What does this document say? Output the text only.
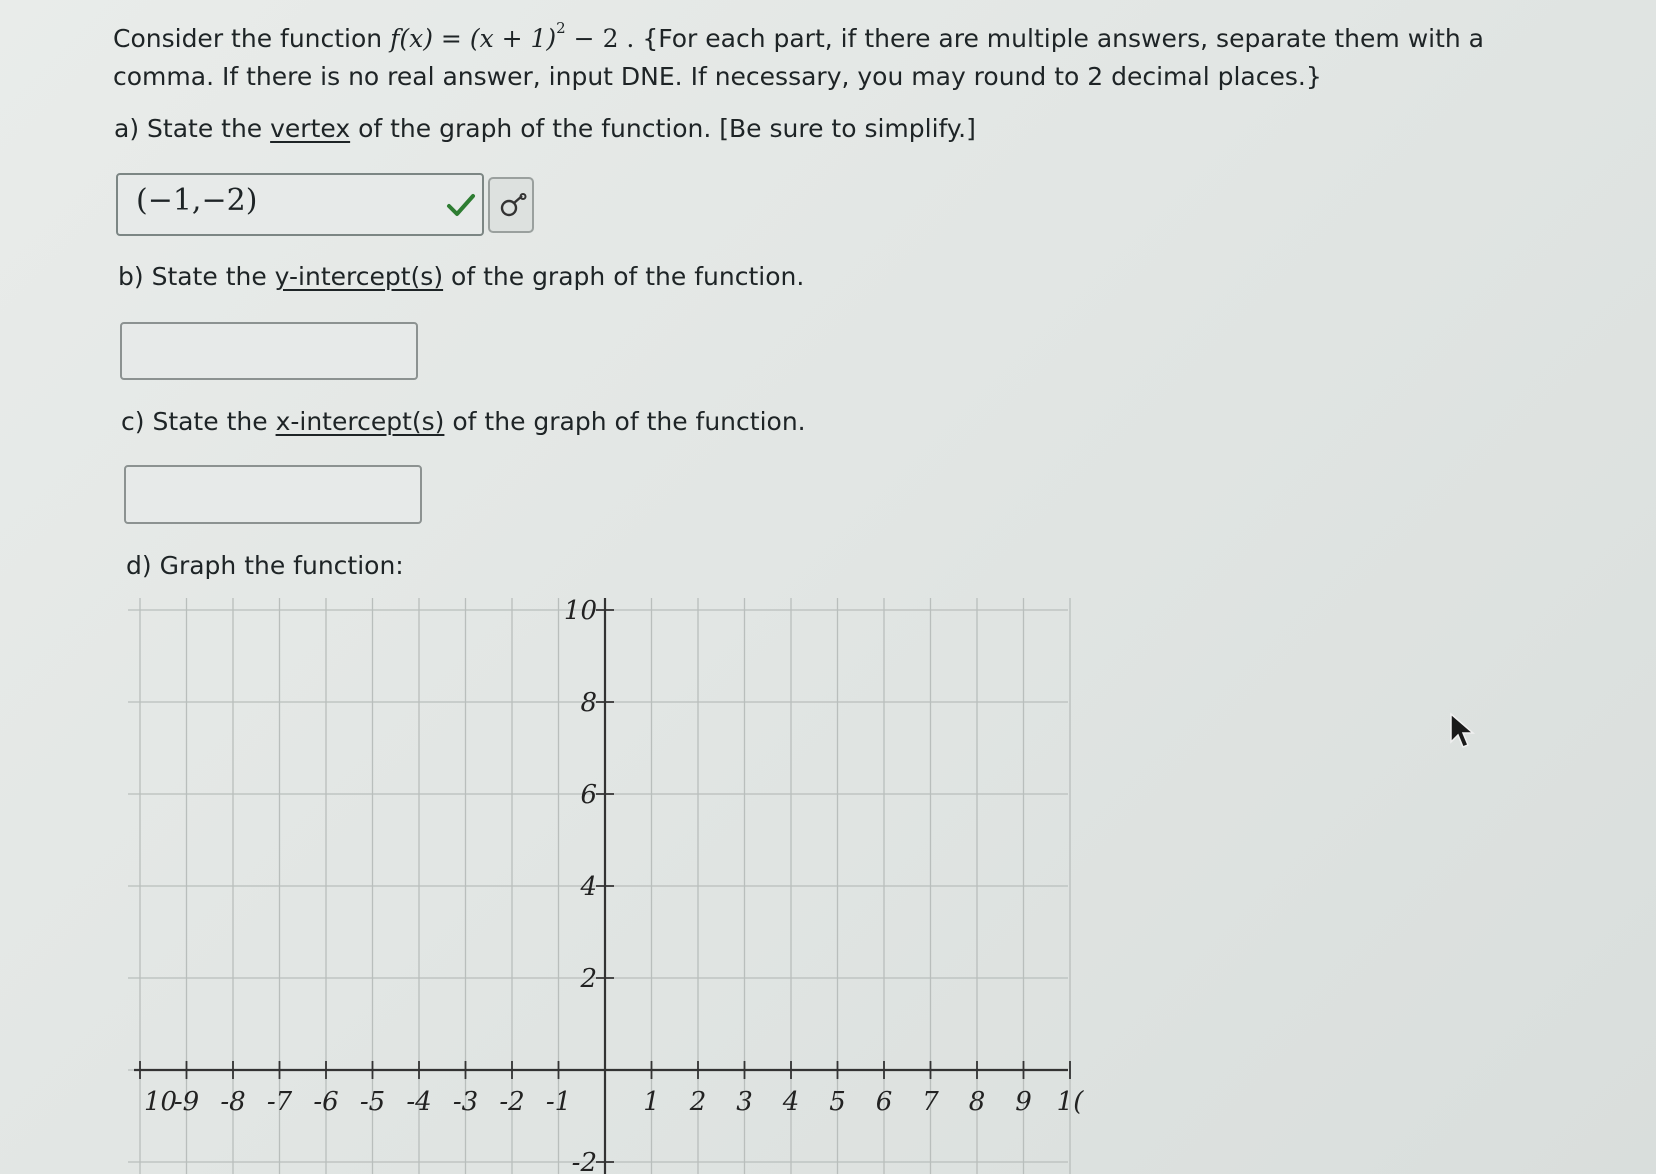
Consider the function $f(x) = (x + 1)^2 - 2$ . {For each part, if there are multiple answers, separate them with a comma. If there is no real answer, input DNE. If necessary, you may round to 2 decimal places.}
a) State the vertex of the graph of the function. [Be sure to simplify.]
(−1,−2)
b) State the y-intercept(s) of the graph of the function.
c) State the x-intercept(s) of the graph of the function.
d) Graph the function:
10
-9 -8 -7 -6 -5 -4 -3 -2 -1	1 2 3 4 5 6 7 8 9 1(
10
8
6
4
2
-2
